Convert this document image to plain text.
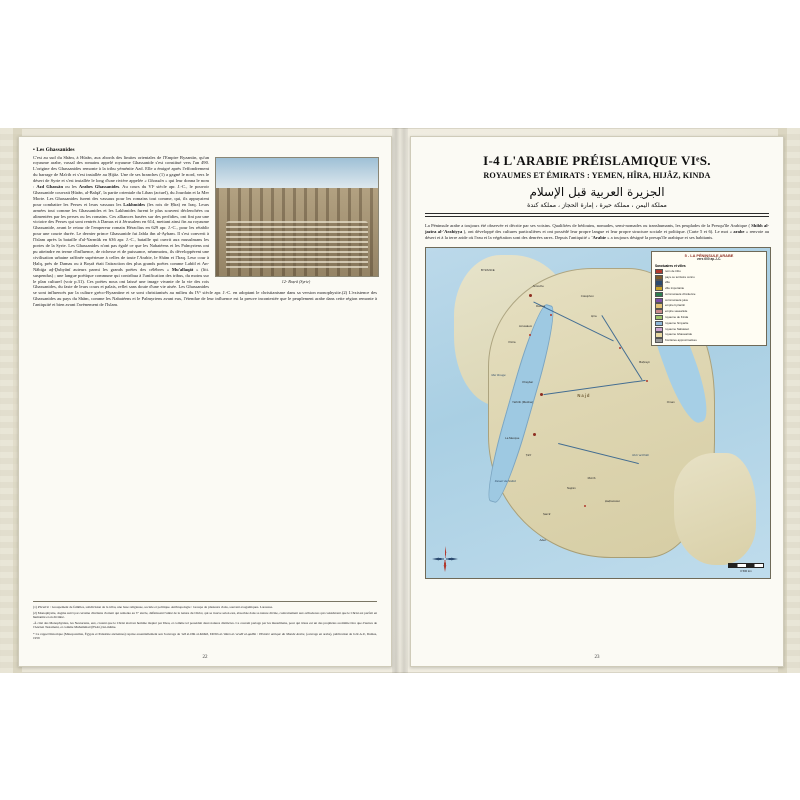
• Les Ghassanides
12- Boṣrā (Syrie)
C'est au sud du Shām, à Hūrān, aux abords des limites orientales de l'Empire Byzantin, qu'un royaume arabe, vassal des romains appelé royaume Ghassanide s'est constitué vers l'an 490. L'origine des Ghassanides remonte à la tribu yéménite Azd. Elle a émigré après l'effondrement du barrage de Ma'rib et s'est installée au Ḥijāz. Une de ses branches (1) a gagné le nord, vers le désert de Syrie et s'est installée le long d'une rivière appelée « Ghassān » qui leur donna le nom : Azd Ghassān ou les Arabes Ghassanides. Au cours du VIᵉ siècle apr. J.-C., le pouvoir Ghassanide couvrait Ḥūrān, al-Balqā', la partie orientale du Liban (actuel), du Jourdain et la Mer Morte. Les Ghassanides furent des vassaux pour les romains tout comme, qui, ils appuyaient pour combattre les Perses et leurs vassaux les Lakhmides (les rois de Ḥīra) en Iraq. Leurs armées tout comme les Ghassanides et les Lakhmides furent le plus souvent déclenchées ou alimentées par les perses ou les romains. Ces alliances basées sur des perfidies, ont fini par une victoire des Perses qui sont rentrés à Damas et à Jérusalem en 614, mettant ainsi fin au royaume Ghassanide, avant le retour de l'empereur romain Héraclius en 629 apr. J.-C., pour les rétablir pour une courte durée. Le dernier prince Ghassanide fut Jabla ibn al-Ayham. Il s'est converti à l'Islam après la bataille d'al-Yarmūk en 636 apr. J.-C., bataille qui ouvrit aux musulmans les portes de la Syrie. Les Ghassanides n'ont pas égalé ce que les Nabatéens et les Palmyriens ont pu atteindre en terme d'influence, de richesse et de puissance, néanmoins, ils développèrent une civilisation urbaine raffinée supérieure à celles de toute l'Arabie, le Shām et l'Iraq. Leur cour à Ḥalq, près de Damas ou à Boṣrā était l'attraction des plus grands poètes comme Labīd et An-Nābiġa aḏ-Ḏubyānī auteurs parmi les grands poètes des célèbres « Mu'allaqāt » (litt. suspendus) ; une langue poétique commune qui contribua à l'unification des tribus, du moins sur le plan culturel (voir p.31). Ces poètes nous ont laissé une image vivante de la vie des rois Ghassanides, du faste de leurs cours et palais, reflet sans doute d'une vie aisée. Les Ghassanides se sont influencés par la culture gréco-Byzantine et se sont christianisés au milieu du IVᵉ siècle apr. J.-C. en adoptant le christianisme dans sa version monophysite.(2) L'existence des Ghassanides au pays du Shām, comme les Nabatéens et le Palmyriens avant eux, l'étendue de leur influence est la preuve incontestée que le peuplement arabe dans cette région remonte à l'antiquité et bien avant l'avènement de l'Islam.
(1) Phratrie : Groupement de familles, subdivision de la tribu, une base religieuse, sociale et politique. Anthropologie : Groupe de plusieurs clans, souvent exogamiques. Larousse.
(2) Monophysite, dogme suivi par certaine chrétiens d'orient qui remonte au Vᵉ siècle, définissant l'unité de la nature du Christ, qui se trouve selon eux, absorbée dans sa nature divine, contrairement aux orthodoxes qui considèrent que le Christ est parfait en humanité et en divinité.
-À côté des Monophysites, les Nestoriens, eux, croient que le Christ était un homme inspiré par Dieu, et comme tel possédait deux natures distinctes. Ce courant partage par les musulmans, pour qui Jésus est un des prophètes au même titre que d'autres de l'Ancien Testament, et comme Muhammad (PSAL) lui-même.
* Ce rappel historique (Mésopotamie, Égypte et Palestine anciennes) reprise essentiellement son l'ouvrage de 'Alī al-Dīn al-Khānī, Tārīkh al-'ālam al-'arabī al-qadīm : Histoire antique du Monde Arabe, (ouvrage en arabe), publication de la R.A.U, Damas, 1959
22
I-4 L'ARABIE PRÉISLAMIQUE VIᵉS.
ROYAUMES ET ÉMIRATS : YEMEN, HÎRA, HIJÂZ, KINDA
الجزيرة العربية قبل الإسلام
مملكة اليمن ، مملكة حيرة ، إمارة الحجاز ، مملكة كندة
La Péninsule arabe a toujours été observée et décrite par ses voisins. Qualifiées de bédouins, nomades, semi-nomades ou transhumants, les peuplades de la Presqu'île Arabique ( Shibh al-jazīra al-'Arabiyya ), ont développé des cultures particulières et ont possédé leur propre langue et leur propre structure sociale et politique. (Carte 5 et 6). Le mot « arabe » renvoie au désert et à la terre aride où l'eau et la végétation sont des denrées rares. Depuis l'antiquité « 'Arabie » a toujours désigné la presqu'île arabique et ses habitants.
BYZANCE
Antioche
Damas
Jérusalem
Pétra
Ctésiphon
Ḥīra
Khaybar
Yathrib (Médine)
La Mecque
Ṭā'if
Najd
Baḥrayn
Oman
Ḥaḍramawt
Ṣan'ā'
Najrān
Ma'rib
Aden
Désert de Nafūd
Rub' al-Khālī
Mer Rouge
5 - LA PÉNINSULE ARABE
vers 600 ap.J-C.
Sanctuaires et villes
nom de tribu
pays ou territoire connu
ville
ville importante
communauté chrétienne
communauté juive
empire byzantin
empire sassanide
royaume de Kinda
royaume himyarite
royaume Nabatéen
royaume Ghassanide
frontières approximatives
0 500 km
23
